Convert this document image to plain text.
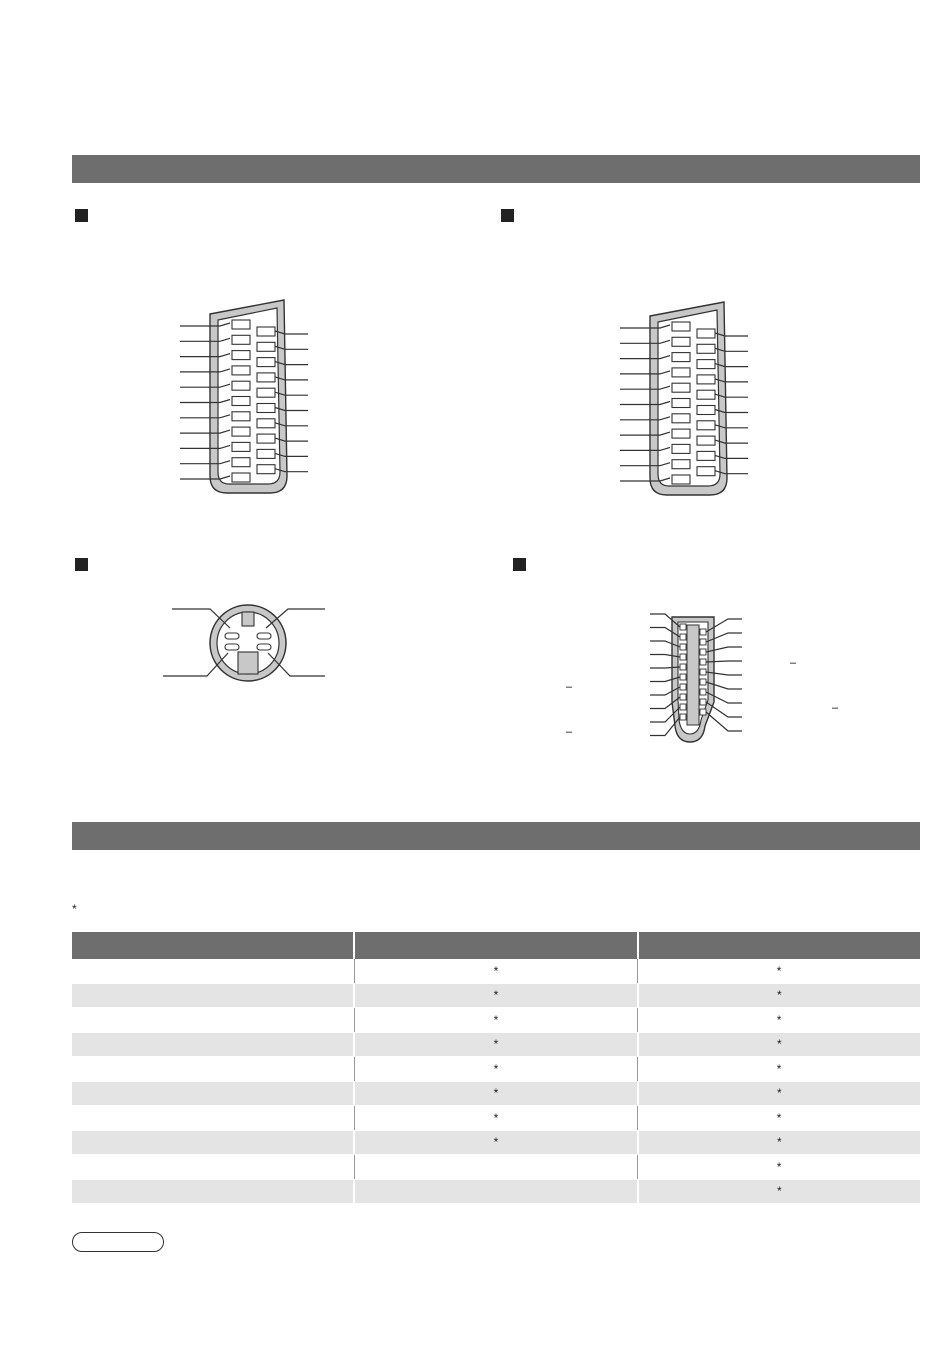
–
–
–
–
*

	*	*
	*	*
	*	*
	*	*
	*	*
	*	*
	*	*
	*	*
		*
		*
